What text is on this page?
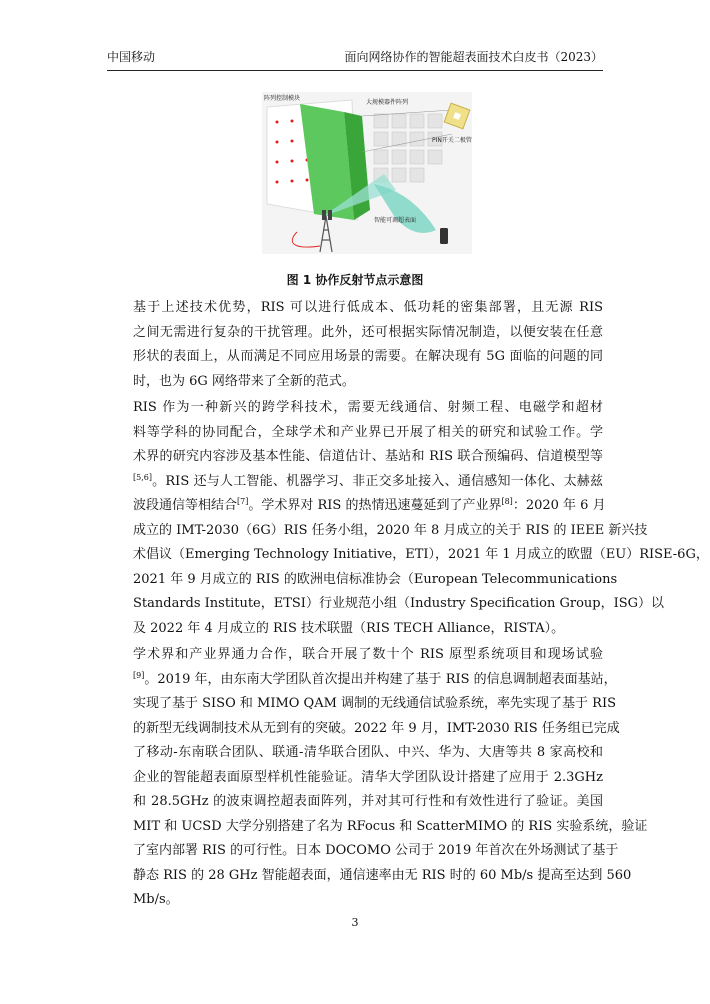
中国移动	面向网络协作的智能超表面技术白皮书（2023）
阵列控制模块
大规模器件阵列
PIN开关二极管
智能可调超表面
图 1 协作反射节点示意图

基于上述技术优势，RIS 可以进行低成本、低功耗的密集部署，且无源 RIS
之间无需进行复杂的干扰管理。此外，还可根据实际情况制造，以便安装在任意
形状的表面上，从而满足不同应用场景的需要。在解决现有 5G 面临的问题的同
时，也为 6G 网络带来了全新的范式。

RIS 作为一种新兴的跨学科技术，需要无线通信、射频工程、电磁学和超材
料等学科的协同配合，全球学术和产业界已开展了相关的研究和试验工作。学
术界的研究内容涉及基本性能、信道估计、基站和 RIS 联合预编码、信道模型等
[5,6]。RIS 还与人工智能、机器学习、非正交多址接入、通信感知一体化、太赫兹
波段通信等相结合[7]。学术界对 RIS 的热情迅速蔓延到了产业界[8]：2020 年 6 月
成立的 IMT-2030（6G）RIS 任务小组，2020 年 8 月成立的关于 RIS 的 IEEE 新兴技
术倡议（Emerging Technology Initiative，ETI），2021 年 1 月成立的欧盟（EU）RISE-6G，
2021 年 9 月成立的 RIS 的欧洲电信标准协会（European Telecommunications
Standards Institute，ETSI）行业规范小组（Industry Specification Group，ISG）以
及 2022 年 4 月成立的 RIS 技术联盟（RIS TECH Alliance，RISTA）。

学术界和产业界通力合作，联合开展了数十个 RIS 原型系统项目和现场试验
[9]。2019 年，由东南大学团队首次提出并构建了基于 RIS 的信息调制超表面基站，
实现了基于 SISO 和 MIMO QAM 调制的无线通信试验系统，率先实现了基于 RIS
的新型无线调制技术从无到有的突破。2022 年 9 月，IMT-2030 RIS 任务组已完成
了移动-东南联合团队、联通-清华联合团队、中兴、华为、大唐等共 8 家高校和
企业的智能超表面原型样机性能验证。清华大学团队设计搭建了应用于 2.3GHz
和 28.5GHz 的波束调控超表面阵列，并对其可行性和有效性进行了验证。美国
MIT 和 UCSD 大学分别搭建了名为 RFocus 和 ScatterMIMO 的 RIS 实验系统，验证
了室内部署 RIS 的可行性。日本 DOCOMO 公司于 2019 年首次在外场测试了基于
静态 RIS 的 28 GHz 智能超表面，通信速率由无 RIS 时的 60 Mb/s 提高至达到 560
Mb/s。

3
